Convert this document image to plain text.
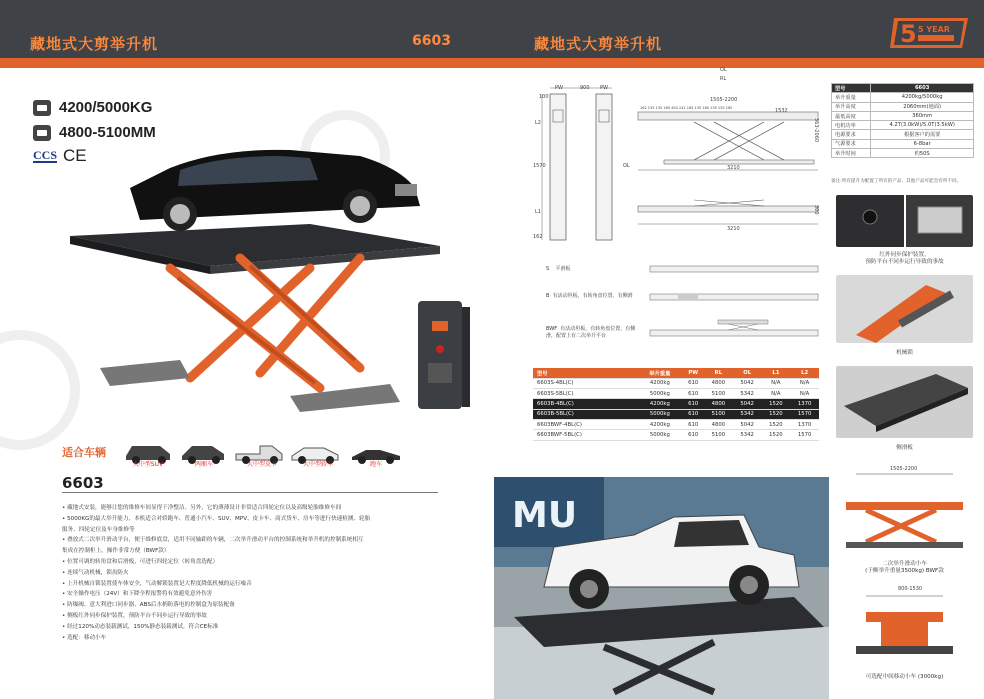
藏地式大剪举升机	6603	藏地式大剪举升机	5 5 YEAR
4200/5000KG
4800-5100MM
CCS CE
适合车辆
大中型SUV	两厢车	大中型皮卡	大中型轿车	跑车
6603
• 藏地式安装，能够让您的维修车间显得干净整洁。另外，它的薄薄设计非常适合四轮定位以及高级轮胎维修车间
• 5000KG的最大举升能力，本机适合对轿跑车、普通小汽车、SUV、MPV、皮卡车、商式货车、房车等进行快速检测、轮胎
服务、四轮定位及车身维修等
• 叠放式二次举升滑动平台，便于维修底盘，适用不同轴距的车辆，二次举升滑动平台的控制系统和举升机的控制系统相互
集成在控制柜上，操作非常方便（BWF款）
• 位置可调的转角盘和后滑板，可进行四轮定位（转角盘选配）
• 连续气动机械，锁齿防火
• 上升机械自锁装置使车体安全，气动解锁装置是大程度降低机械的运行噪音
• 安全操作电压（24V）和下降全程报警将有效避免意外伤害
• 防爆阀、意大利进口同步器、ABS后水柄防落电的控制盒为原装配备
• 侧板红外同步保护装置，预防平台不同步运行导致的事故
• 经过120%动态装载测试，150%静态装载测试，符合CE标准
• 选配：移动小车
PW	900 PW
100
L2
1570
L1
162
OL
OL
RL
1505-2200
1532
162 135 135 160 450 241 165 135 160 135 135 162
3210
3210
363-2060
300
S 平滑板
B 有活动坦板，有转角盘位置，有侧滑
BWF 有活动坦板，有转角盘位置，有侧滑，配置上有二次举升平台
型号	6603
举升重量	4200kg/5000kg
举升高度	2060mm(地面)
最低高度	360mm
电机功率	4.2T(3.0kW)/5.0T(3.5kW)
电源要求	根据客户的需要
气源要求	6-8bar
举升时间	约50S
备注:所有提升为配置了所有的产品，其他产品可能会有所不同。
型号	举升重量	PW	RL	OL	L1	L2
6603S-4BL(C)	4200kg	610	4800	5042	N/A	N/A
6603S-5BL(C)	5000kg	610	5100	5342	N/A	N/A
6603B-4BL(C)	4200kg	610	4800	5042	1520	1370
6603B-5BL(C)	5000kg	610	5100	5342	1520	1570
6603BWF-4BL(C)	4200kg	610	4800	5042	1520	1370
6603BWF-5BL(C)	5000kg	610	5100	5342	1520	1570
MU
红外同步保护装置，
预防平台不同步运行导致的事故
机械锁
侧滑板
1505-2200
二次举升滑动小车
(于额举升重量3500kg) BWF款
800-1530
可选配中间移动小车 (3000kg)
